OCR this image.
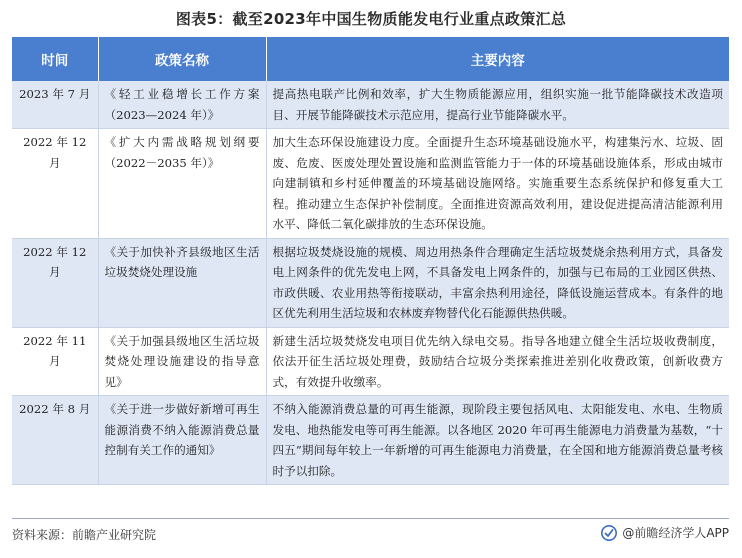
图表5：截至2023年中国生物质能发电行业重点政策汇总
时间	政策名称	主要内容
2023 年 7 月	《轻工业稳增长工作方案（2023—2024 年）》	提高热电联产比例和效率，扩大生物质能源应用，组织实施一批节能降碳技术改造项目、开展节能降碳技术示范应用，提高行业节能降碳水平。
2022 年 12 月	《扩大内需战略规划纲要（2022－2035 年）》	加大生态环保设施建设力度。全面提升生态环境基础设施水平，构建集污水、垃圾、固废、危废、医废处理处置设施和监测监管能力于一体的环境基础设施体系，形成由城市向建制镇和乡村延伸覆盖的环境基础设施网络。实施重要生态系统保护和修复重大工程。推动建立生态保护补偿制度。全面推进资源高效利用，建设促进提高清洁能源利用水平、降低二氧化碳排放的生态环保设施。
2022 年 12 月	《关于加快补齐县级地区生活垃圾焚烧处理设施	根据垃圾焚烧设施的规模、周边用热条件合理确定生活垃圾焚烧余热利用方式，具备发电上网条件的优先发电上网，不具备发电上网条件的，加强与已布局的工业园区供热、市政供暖、农业用热等衔接联动，丰富余热利用途径，降低设施运营成本。有条件的地区优先利用生活垃圾和农林废弃物替代化石能源供热供暖。
2022 年 11 月	《关于加强县级地区生活垃圾焚烧处理设施建设的指导意见》	新建生活垃圾焚烧发电项目优先纳入绿电交易。指导各地建立健全生活垃圾收费制度，依法开征生活垃圾处理费，鼓励结合垃圾分类探索推进差别化收费政策，创新收费方式，有效提升收缴率。
2022 年 8 月	《关于进一步做好新增可再生能源消费不纳入能源消费总量控制有关工作的通知》	不纳入能源消费总量的可再生能源，现阶段主要包括风电、太阳能发电、水电、生物质发电、地热能发电等可再生能源。以各地区 2020 年可再生能源电力消费量为基数，“十四五”期间每年较上一年新增的可再生能源电力消费量，在全国和地方能源消费总量考核时予以扣除。
资料来源：前瞻产业研究院	@前瞻经济学人APP
